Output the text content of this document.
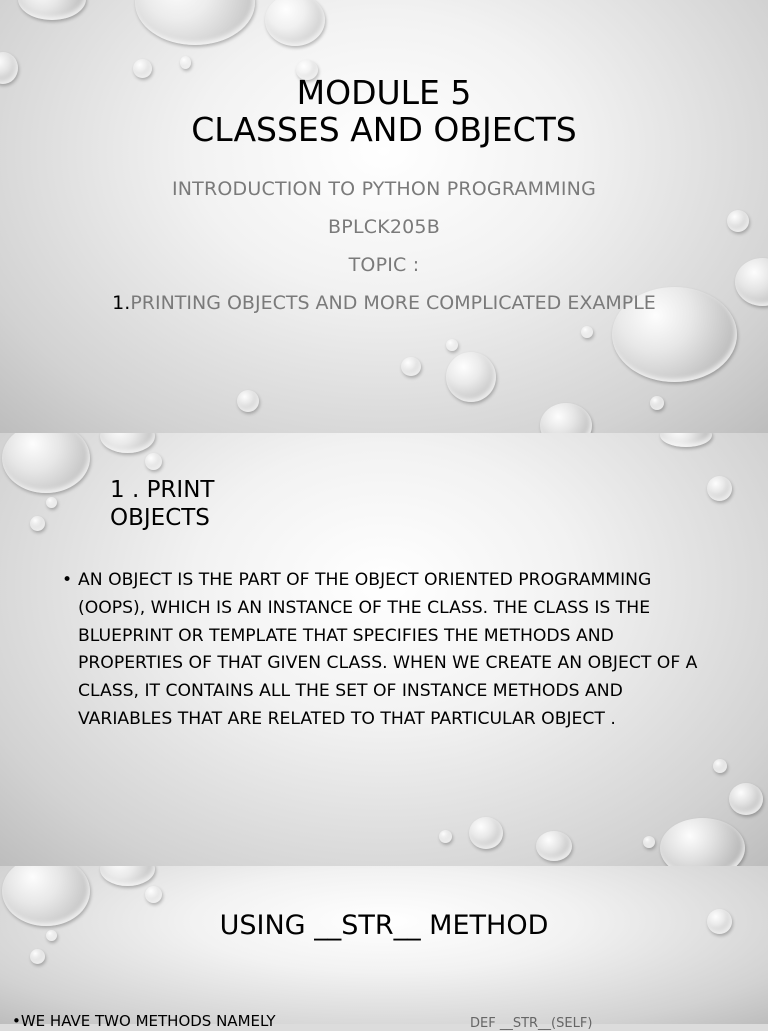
MODULE 5
CLASSES AND OBJECTS
INTRODUCTION TO PYTHON PROGRAMMING
BPLCK205B
TOPIC :
1.PRINTING OBJECTS AND MORE COMPLICATED EXAMPLE
1 . PRINT
OBJECTS
• AN OBJECT IS THE PART OF THE OBJECT ORIENTED PROGRAMMING (OOPS), WHICH IS AN INSTANCE OF THE CLASS. THE CLASS IS THE BLUEPRINT OR TEMPLATE THAT SPECIFIES THE METHODS AND PROPERTIES OF THAT GIVEN CLASS. WHEN WE CREATE AN OBJECT OF A CLASS, IT CONTAINS ALL THE SET OF INSTANCE METHODS AND VARIABLES THAT ARE RELATED TO THAT PARTICULAR OBJECT .
USING __STR__ METHOD
•WE HAVE TWO METHODS NAMELY	DEF __STR__(SELF)
